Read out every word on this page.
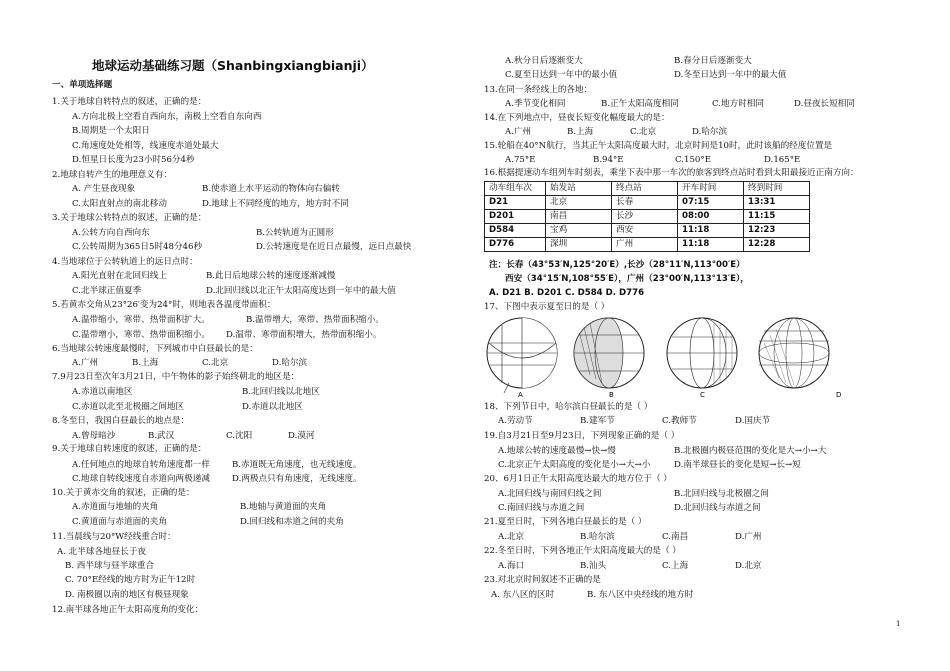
地球运动基础练习题（Shanbingxiangbianji）
一、单项选择题
1.关于地球自转特点的叙述，正确的是：
A.方向北极上空看自西向东，南极上空看自东向西
B.周期是一个太阳日
C.角速度处处相等，线速度赤道处最大
D.恒星日长度为23小时56分4秒
2.地球自转产生的地理意义有：
A. 产生昼夜现象	B.使赤道上水平运动的物体向右偏转
C.太阳直射点的南北移动	D.地球上不同经度的地方，地方时不同
3.关于地球公转特点的叙述，正确的是：
A.公转方向自西向东	B.公转轨道为正圆形
C.公转周期为365日5时48分46秒	D.公转速度是在近日点最慢，远日点最快
4.当地球位于公转轨道上的远日点时：
A.阳光直射在北回归线上	B.此日后地球公转的速度逐渐减慢
C.北半球正值夏季	D.北回归线以北正午太阳高度达到一年中的最大值
5.若黄赤交角从23°26′变为24°时，则地表各温度带面积：
A.温带缩小，寒带、热带面积扩大。	B.温带增大，寒带、热带面积缩小。
C.温带增小，寒带、热带面积缩小。 D.温带、寒带面积增大，热带面积缩小。
6.当地球公转速度最慢时，下列城市中白昼最长的是：
A.广州	B.上海	C.北京	D.哈尔滨
7.9月23日至次年3月21日，中午物体的影子始终朝北的地区是：
A.赤道以南地区	B.北回归线以北地区
C.赤道以北至北极圈之间地区	D.赤道以北地区
8.冬至日，我国白昼最长的地点是：
A.曾母暗沙	B.武汉	C.沈阳	D.漠河
9.关于地球自转速度的叙述，正确的是：
A.任何地点的地球自转角速度都一样	B.赤道既无角速度，也无线速度。
C.地球自转线速度自赤道向两极递减	D.两极点只有角速度，无线速度。
10.关于黄赤交角的叙述，正确的是：
A.赤道面与地轴的夹角	B.地轴与黄道面的夹角
C.黄道面与赤道面的夹角	D.回归线和赤道之间的夹角
11.当晨线与20°W经线重合时：
A. 北半球各地昼长于夜
B. 西半球与昼半球重合
C. 70°E经线的地方时为正午12时
D. 南极圈以南的地区有极昼现象
12.南半球各地正午太阳高度角的变化：
A.秋分日后逐渐变大	B.春分日后逐渐变大
C.夏至日达到一年中的最小值	D.冬至日达到一年中的最大值
13.在同一条经线上的各地：
A.季节变化相同	B.正午太阳高度相同	C.地方时相同	D.昼夜长短相同
14.在下列地点中，昼夜长短变化幅度最大的是：
A.广州	B.上海	C.北京	D.哈尔滨
15.轮船在40°N航行，当其正午太阳高度最大时，北京时间是10时，此时该船的经度位置是
A.75°E	B.94°E	C.150°E	D.165°E
16.根据提速动车组列车时刻表，乘坐下表中那一车次的旅客到终点站时看到太阳最接近正南方向：
动车组车次	始发站	终点站	开车时间	终到时间
D21	北京	长春	07:15	13:31
D201	南昌	长沙	08:00	11:15
D584	宝鸡	西安	11:18	12:23
D776	深圳	广州	11:18	12:28
注：长春（43°53′N,125°20′E）,长沙（28°11′N,113°00′E）
西安（34°15′N,108°55′E），广州（23°00′N,113°13′E），
A. D21 B. D201 C. D584 D. D776
17、下图中表示夏至日的是（ ）
A	B	C	D
18、下列节日中，哈尔滨白昼最长的是（ ）
A.劳动节	B.建军节	C.教师节	D.国庆节
19.自3月21日至9月23日，下列现象正确的是（ ）
A.地球公转的速度最慢→快→慢	B.北极圈内极昼范围的变化是大→小→大
C.北京正午太阳高度的变化是小→大→小	D.南半球昼长的变化是短→长→短
20、6月1日正午太阳高度达最大的地方位于（ ）
A.北回归线与南回归线之间	B.北回归线与北极圈之间
C.南回归线与赤道之间	D.北回归线与赤道之间
21.夏至日时，下列各地白昼最长的是（ ）
A.北京	B.哈尔滨	C.南昌	D.广州
22.冬至日时，下列各地正午太阳高度最大的是（ ）
A.海口	B.汕头	C.上海	D.北京
23.对北京时间叙述不正确的是
A. 东八区的区时	B. 东八区中央经线的地方时
1
